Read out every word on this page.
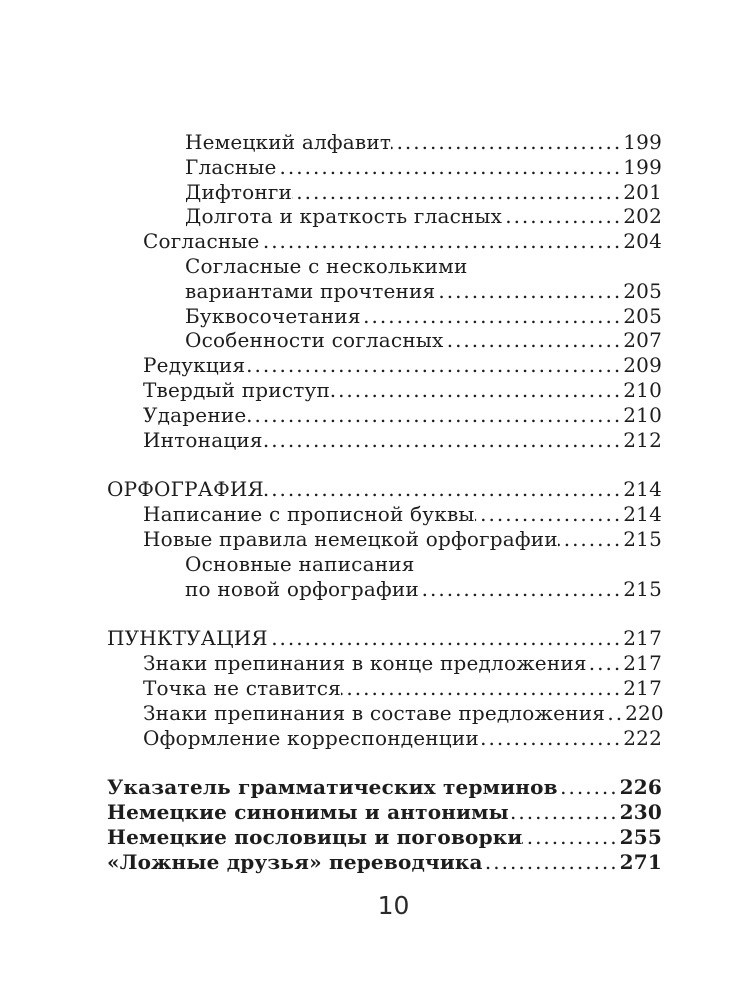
Немецкий алфавит .....	199
Гласные .....	199
Дифтонги .....	201
Долгота и краткость гласных .....	202
Согласные .....	204
Согласные с несколькими
вариантами прочтения .....	205
Буквосочетания .....	205
Особенности согласных .....	207
Редукция .....	209
Твердый приступ .....	210
Ударение .....	210
Интонация .....	212
ОРФОГРАФИЯ .....	214
Написание с прописной буквы .....	214
Новые правила немецкой орфографии .....	215
Основные написания
по новой орфографии .....	215
ПУНКТУАЦИЯ .....	217
Знаки препинания в конце предложения ..... 217
Точка не ставится .....	217
Знаки препинания в составе предложения ..... 220
Оформление корреспонденции .....	222
Указатель грамматических терминов .....	226
Немецкие синонимы и антонимы .....	230
Немецкие пословицы и поговорки .....	255
«Ложные друзья» переводчика .....	271
10
